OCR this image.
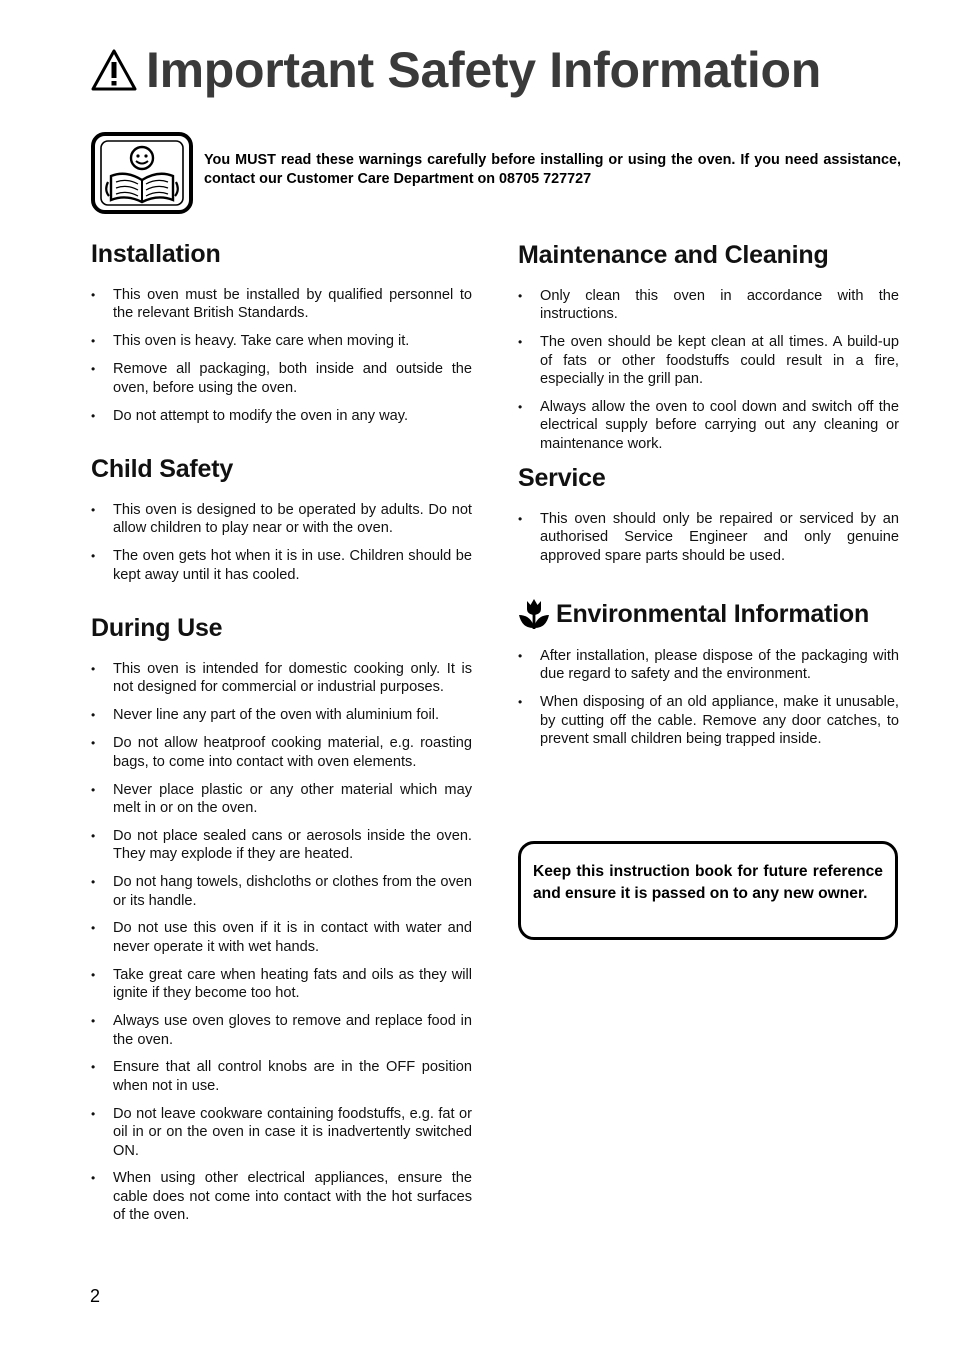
Important Safety Information
You MUST read these warnings carefully before installing or using the oven. If you need assistance, contact our Customer Care Department on 08705 727727
Installation
• This oven must be installed by qualified personnel to the relevant British Standards.
• This oven is heavy. Take care when moving it.
• Remove all packaging, both inside and outside the oven, before using the oven.
• Do not attempt to modify the oven in any way.
Child Safety
• This oven is designed to be operated by adults. Do not allow children to play near or with the oven.
• The oven gets hot when it is in use. Children should be kept away until it has cooled.
During Use
• This oven is intended for domestic cooking only. It is not designed for commercial or industrial purposes.
• Never line any part of the oven with aluminium foil.
• Do not allow heatproof cooking material, e.g. roasting bags, to come into contact with oven elements.
• Never place plastic or any other material which may melt in or on the oven.
• Do not place sealed cans or aerosols inside the oven. They may explode if they are heated.
• Do not hang towels, dishcloths or clothes from the oven or its handle.
• Do not use this oven if it is in contact with water and never operate it with wet hands.
• Take great care when heating fats and oils as they will ignite if they become too hot.
• Always use oven gloves to remove and replace food in the oven.
• Ensure that all control knobs are in the OFF position when not in use.
• Do not leave cookware containing foodstuffs, e.g. fat or oil in or on the oven in case it is inadvertently switched ON.
• When using other electrical appliances, ensure the cable does not come into contact with the hot surfaces of the oven.
Maintenance and Cleaning
• Only clean this oven in accordance with the instructions.
• The oven should be kept clean at all times. A build-up of fats or other foodstuffs could result in a fire, especially in the grill pan.
• Always allow the oven to cool down and switch off the electrical supply before carrying out any cleaning or maintenance work.
Service
• This oven should only be repaired or serviced by an authorised Service Engineer and only genuine approved spare parts should be used.
Environmental Information
• After installation, please dispose of the packaging with due regard to safety and the environment.
• When disposing of an old appliance, make it unusable, by cutting off the cable. Remove any door catches, to prevent small children being trapped inside.
Keep this instruction book for future reference and ensure it is passed on to any new owner.
2
